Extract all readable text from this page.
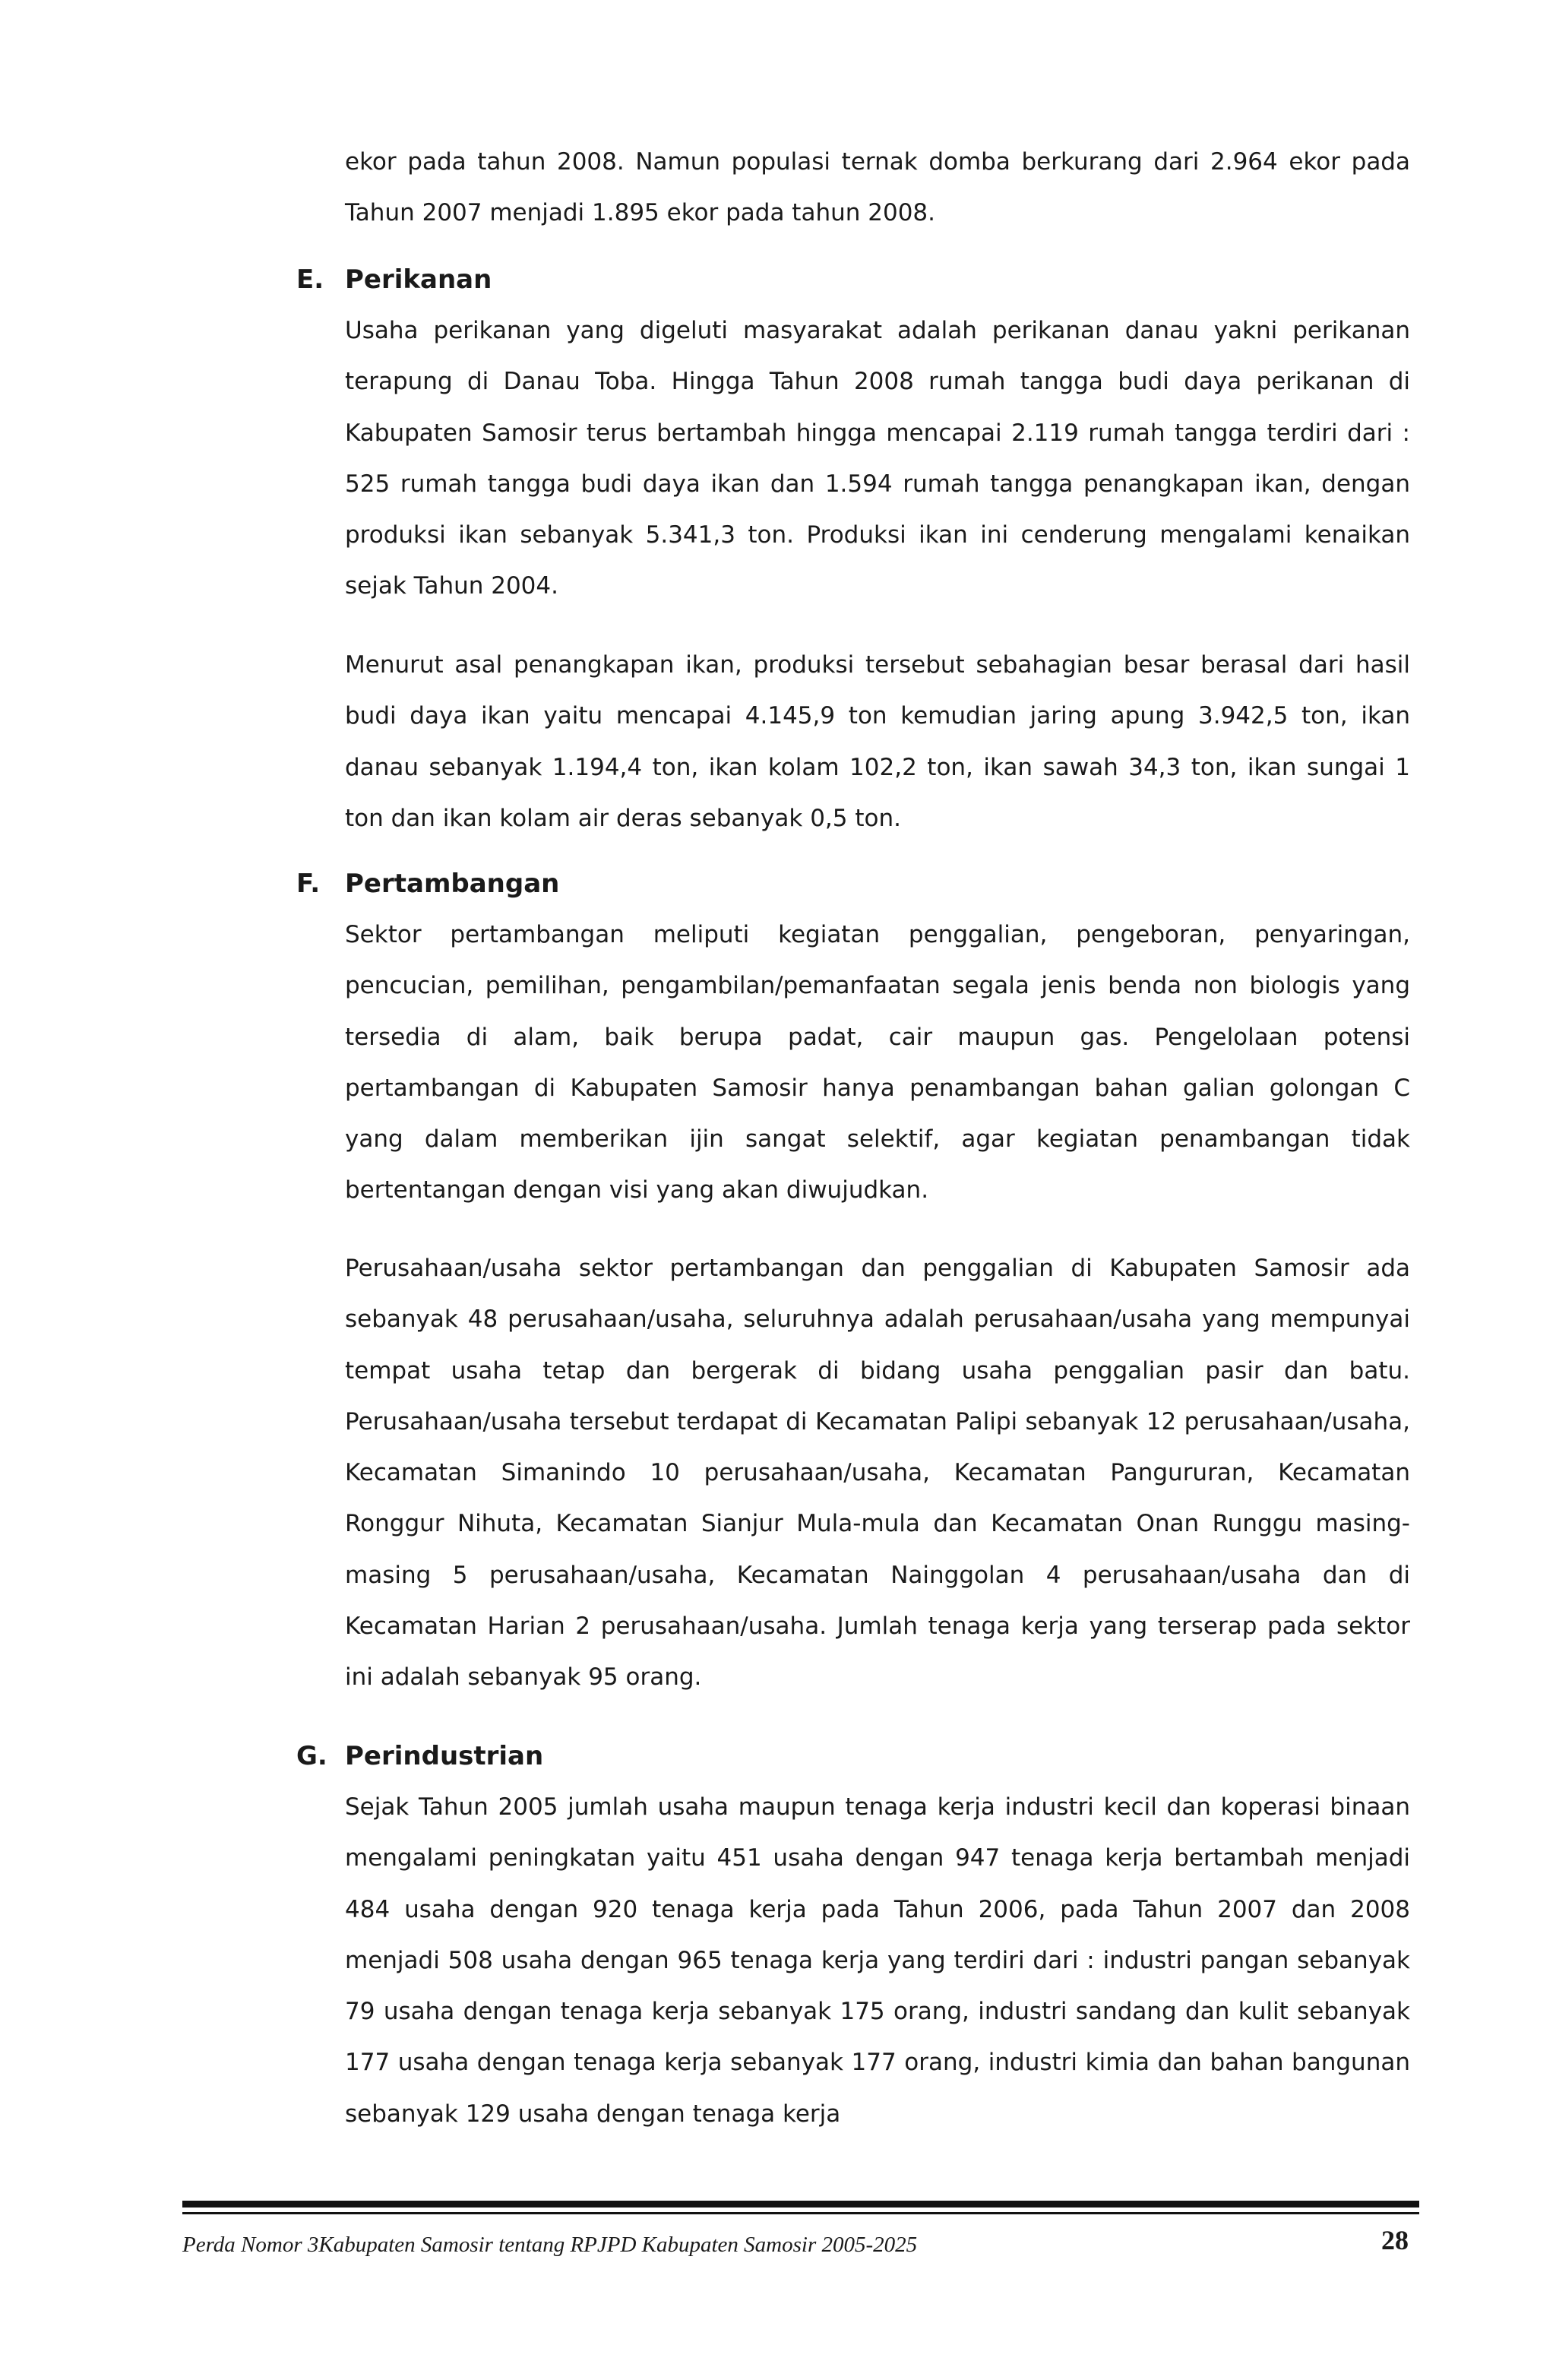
ekor pada tahun 2008. Namun populasi ternak domba berkurang dari 2.964 ekor pada Tahun 2007 menjadi 1.895 ekor pada tahun 2008.

E. Perikanan

Usaha perikanan yang digeluti masyarakat adalah perikanan danau yakni perikanan terapung di Danau Toba. Hingga Tahun 2008 rumah tangga budi daya perikanan di Kabupaten Samosir terus bertambah hingga mencapai 2.119 rumah tangga terdiri dari : 525 rumah tangga budi daya ikan dan 1.594 rumah tangga penangkapan ikan, dengan produksi ikan sebanyak 5.341,3 ton. Produksi ikan ini cenderung mengalami kenaikan sejak Tahun 2004.

Menurut asal penangkapan ikan, produksi tersebut sebahagian besar berasal dari hasil budi daya ikan yaitu mencapai 4.145,9 ton kemudian jaring apung 3.942,5 ton, ikan danau sebanyak 1.194,4 ton, ikan kolam 102,2 ton, ikan sawah 34,3 ton, ikan sungai 1 ton dan ikan kolam air deras sebanyak 0,5 ton.

F. Pertambangan

Sektor pertambangan meliputi kegiatan penggalian, pengeboran, penyaringan, pencucian, pemilihan, pengambilan/pemanfaatan segala jenis benda non biologis yang tersedia di alam, baik berupa padat, cair maupun gas. Pengelolaan potensi pertambangan di Kabupaten Samosir hanya penambangan bahan galian golongan C yang dalam memberikan ijin sangat selektif, agar kegiatan penambangan tidak bertentangan dengan visi yang akan diwujudkan.

Perusahaan/usaha sektor pertambangan dan penggalian di Kabupaten Samosir ada sebanyak 48 perusahaan/usaha, seluruhnya adalah perusahaan/usaha yang mempunyai tempat usaha tetap dan bergerak di bidang usaha penggalian pasir dan batu. Perusahaan/usaha tersebut terdapat di Kecamatan Palipi sebanyak 12 perusahaan/usaha, Kecamatan Simanindo 10 perusahaan/usaha, Kecamatan Pangururan, Kecamatan Ronggur Nihuta, Kecamatan Sianjur Mula-mula dan Kecamatan Onan Runggu masing-masing 5 perusahaan/usaha, Kecamatan Nainggolan 4 perusahaan/usaha dan di Kecamatan Harian 2 perusahaan/usaha. Jumlah tenaga kerja yang terserap pada sektor ini adalah sebanyak 95 orang.

G. Perindustrian

Sejak Tahun 2005 jumlah usaha maupun tenaga kerja industri kecil dan koperasi binaan mengalami peningkatan yaitu 451 usaha dengan 947 tenaga kerja bertambah menjadi 484 usaha dengan 920 tenaga kerja pada Tahun 2006, pada Tahun 2007 dan 2008 menjadi 508 usaha dengan 965 tenaga kerja yang terdiri dari : industri pangan sebanyak 79 usaha dengan tenaga kerja sebanyak 175 orang, industri sandang dan kulit sebanyak 177 usaha dengan tenaga kerja sebanyak 177 orang, industri kimia dan bahan bangunan sebanyak 129 usaha dengan tenaga kerja

Perda Nomor 3Kabupaten Samosir tentang RPJPD Kabupaten Samosir 2005-2025	28
